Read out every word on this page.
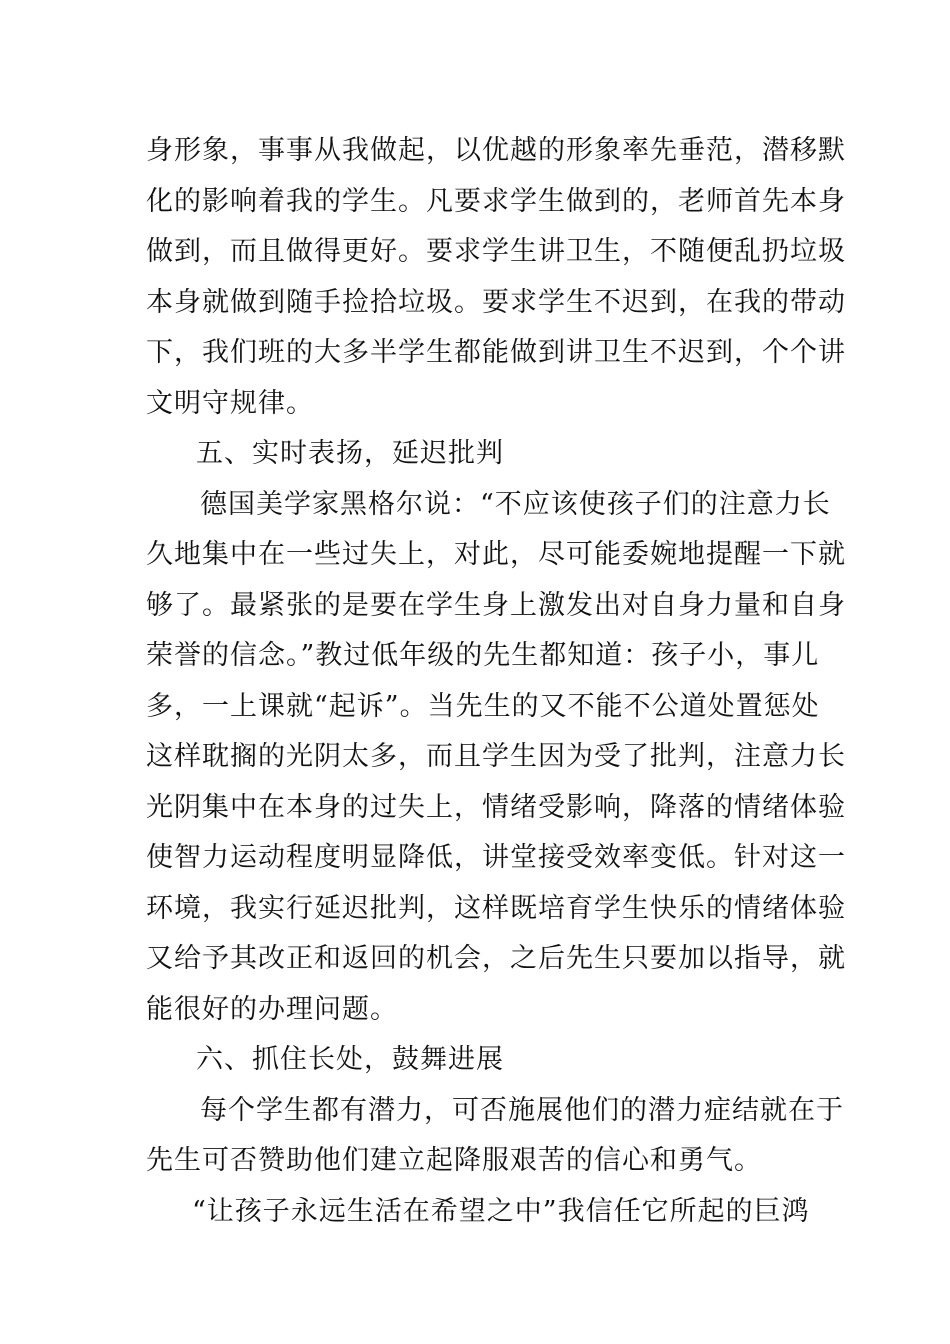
身形象，事事从我做起，以优越的形象率先垂范，潜移默
化的影响着我的学生。凡要求学生做到的，老师首先本身
做到，而且做得更好。要求学生讲卫生，不随便乱扔垃圾
本身就做到随手捡拾垃圾。要求学生不迟到，在我的带动
下，我们班的大多半学生都能做到讲卫生不迟到，个个讲
文明守规律。
五、实时表扬，延迟批判
德国美学家黑格尔说：“不应该使孩子们的注意力长
久地集中在一些过失上，对此，尽可能委婉地提醒一下就
够了。最紧张的是要在学生身上激发出对自身力量和自身
荣誉的信念。”教过低年级的先生都知道：孩子小，事儿
多，一上课就“起诉”。当先生的又不能不公道处置惩处
这样耽搁的光阴太多，而且学生因为受了批判，注意力长
光阴集中在本身的过失上，情绪受影响，降落的情绪体验
使智力运动程度明显降低，讲堂接受效率变低。针对这一
环境，我实行延迟批判，这样既培育学生快乐的情绪体验
又给予其改正和返回的机会，之后先生只要加以指导，就
能很好的办理问题。
六、抓住长处，鼓舞进展
每个学生都有潜力，可否施展他们的潜力症结就在于
先生可否赞助他们建立起降服艰苦的信心和勇气。
“让孩子永远生活在希望之中”我信任它所起的巨鸿
